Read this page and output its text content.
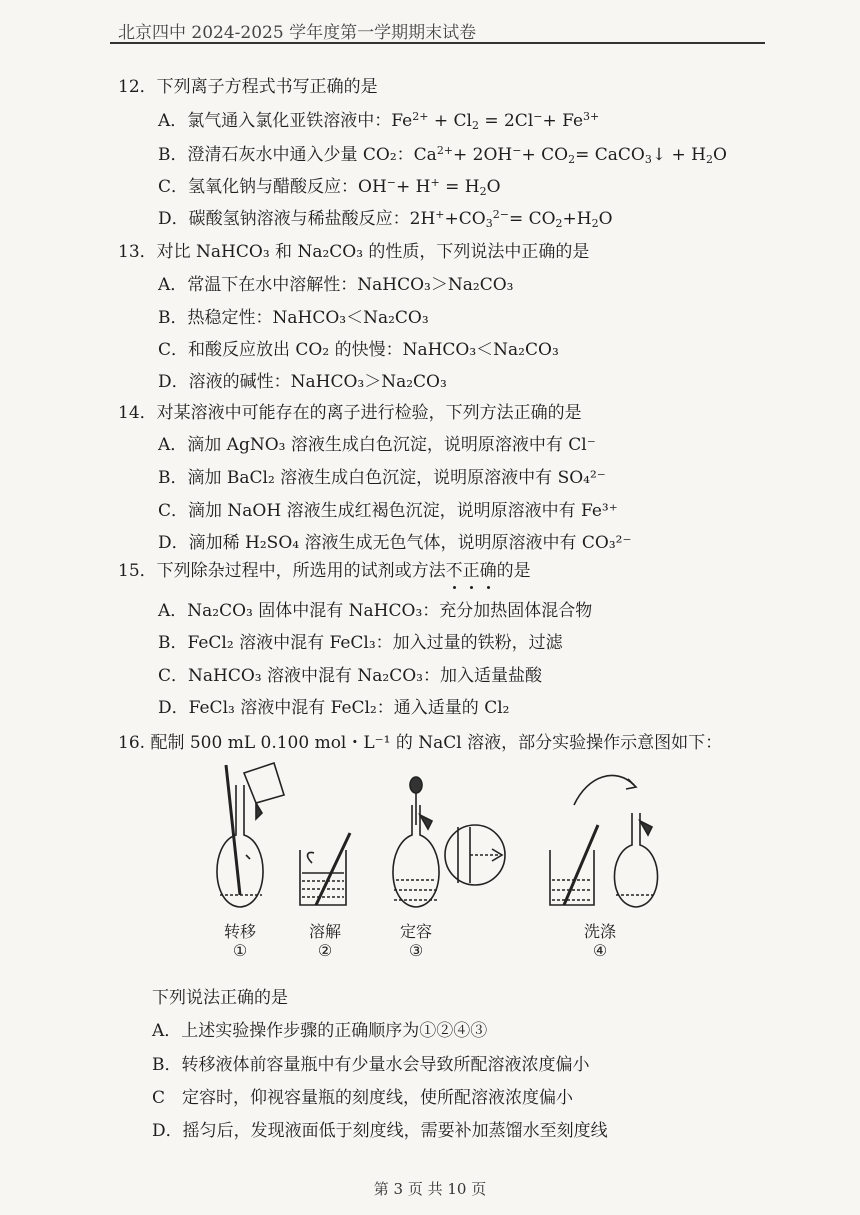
北京四中 2024-2025 学年度第一学期期末试卷
12．下列离子方程式书写正确的是
A．氯气通入氯化亚铁溶液中：$Fe^{2+} + Cl_2 = 2Cl^-+ Fe^{3+}$
B．澄清石灰水中通入少量 CO₂：$Ca^{2+}+ 2OH^-+ CO_2=$ CaCO$_3$↓ + $H_2O$
C．氢氧化钠与醋酸反应：$OH^-+ H^+ = H_2O$
D．碳酸氢钠溶液与稀盐酸反应：$2H^++CO_3^{2-}= CO_2+H_2O$
13．对比 NaHCO₃ 和 Na₂CO₃ 的性质，下列说法中正确的是
A．常温下在水中溶解性：NaHCO₃＞Na₂CO₃
B．热稳定性：NaHCO₃＜Na₂CO₃
C．和酸反应放出 CO₂ 的快慢：NaHCO₃＜Na₂CO₃
D．溶液的碱性：NaHCO₃＞Na₂CO₃
14．对某溶液中可能存在的离子进行检验，下列方法正确的是
A．滴加 AgNO₃ 溶液生成白色沉淀，说明原溶液中有 Cl⁻
B．滴加 BaCl₂ 溶液生成白色沉淀，说明原溶液中有 SO₄²⁻
C．滴加 NaOH 溶液生成红褐色沉淀，说明原溶液中有 Fe³⁺
D．滴加稀 H₂SO₄ 溶液生成无色气体，说明原溶液中有 CO₃²⁻
15．下列除杂过程中，所选用的试剂或方法不正确的是
A．Na₂CO₃ 固体中混有 NaHCO₃：充分加热固体混合物
B．FeCl₂ 溶液中混有 FeCl₃：加入过量的铁粉，过滤
C．NaHCO₃ 溶液中混有 Na₂CO₃：加入适量盐酸
D．FeCl₃ 溶液中混有 FeCl₂：通入适量的 Cl₂
16. 配制 500 mL 0.100 mol・L⁻¹ 的 NaCl 溶液，部分实验操作示意图如下：
转移
①
溶解
②
定容
③
洗涤
④
下列说法正确的是
A．上述实验操作步骤的正确顺序为①②④③
B．转移液体前容量瓶中有少量水会导致所配溶液浓度偏小
C　定容时，仰视容量瓶的刻度线，使所配溶液浓度偏小
D．摇匀后，发现液面低于刻度线，需要补加蒸馏水至刻度线
第 3 页 共 10 页
